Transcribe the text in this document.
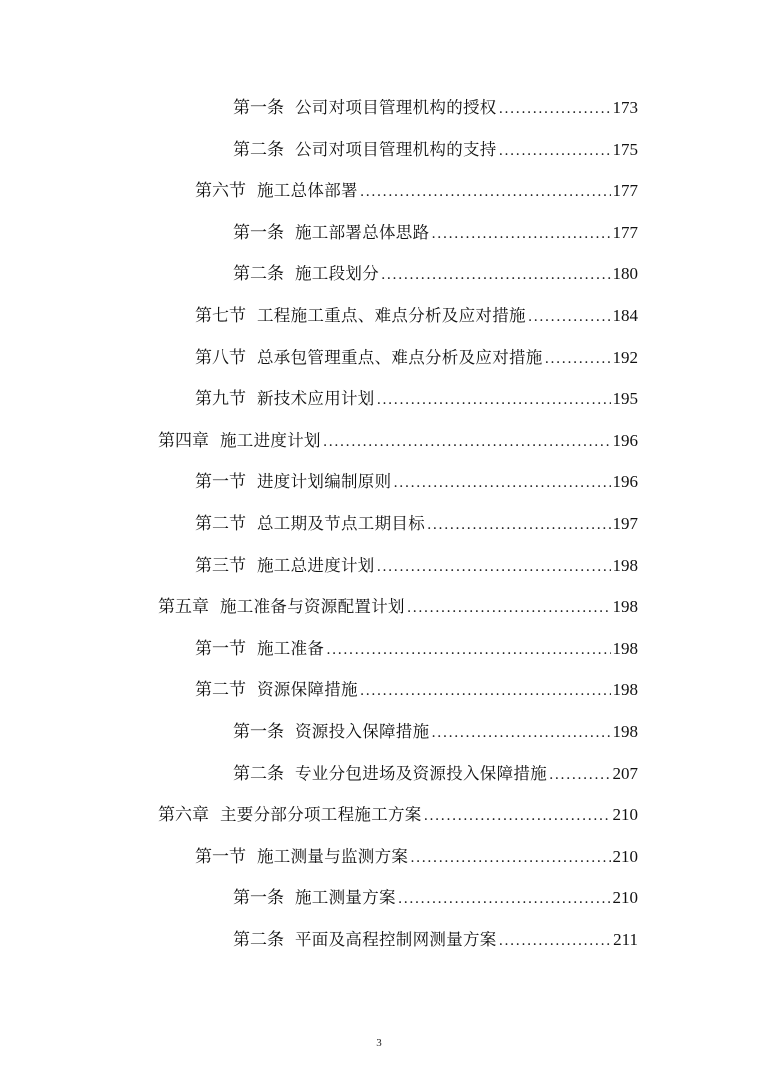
第一条 公司对项目管理机构的授权 .....	173
第二条 公司对项目管理机构的支持 .....	175
第六节 施工总体部署 .....	177
第一条 施工部署总体思路 .....	177
第二条 施工段划分 .....	180
第七节 工程施工重点、难点分析及应对措施 .....	184
第八节 总承包管理重点、难点分析及应对措施 .....	192
第九节 新技术应用计划 .....	195
第四章 施工进度计划 .....	196
第一节 进度计划编制原则 .....	196
第二节 总工期及节点工期目标 .....	197
第三节 施工总进度计划 .....	198
第五章 施工准备与资源配置计划 .....	198
第一节 施工准备 .....	198
第二节 资源保障措施 .....	198
第一条 资源投入保障措施 .....	198
第二条 专业分包进场及资源投入保障措施 .....	207
第六章 主要分部分项工程施工方案 .....	210
第一节 施工测量与监测方案 .....	210
第一条 施工测量方案 .....	210
第二条 平面及高程控制网测量方案 .....	211
3
